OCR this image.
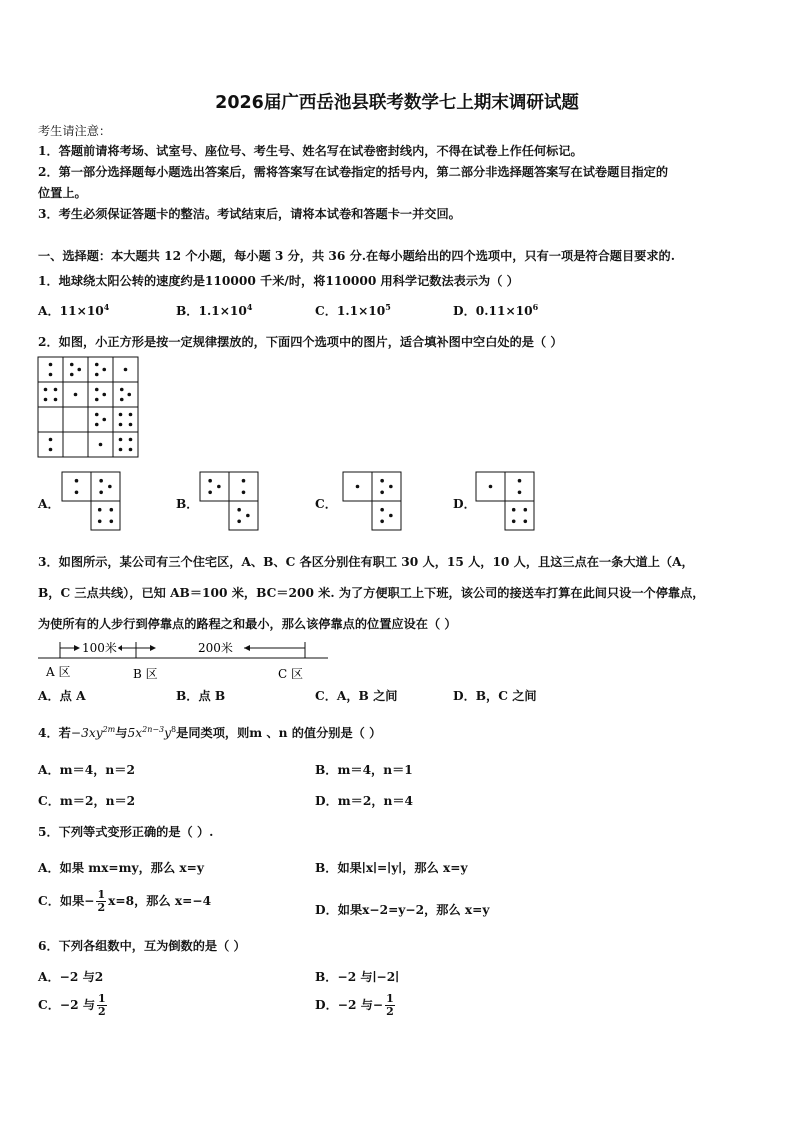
2026届广西岳池县联考数学七上期末调研试题
考生请注意：
1．答题前请将考场、试室号、座位号、考生号、姓名写在试卷密封线内，不得在试卷上作任何标记。
2．第一部分选择题每小题选出答案后，需将答案写在试卷指定的括号内，第二部分非选择题答案写在试卷题目指定的
位置上。
3．考生必须保证答题卡的整洁。考试结束后，请将本试卷和答题卡一并交回。
一、选择题：本大题共 12 个小题，每小题 3 分，共 36 分.在每小题给出的四个选项中，只有一项是符合题目要求的.
1．地球绕太阳公转的速度约是110000 千米/时，将110000 用科学记数法表示为（ ）
A．$11\times 10^4$	B．$1.1\times 10^4$	C．$1.1\times 10^5$	D．$0.11\times 10^6$
2．如图，小正方形是按一定规律摆放的，下面四个选项中的图片，适合填补图中空白处的是（ ）
A．	B．	C．	D．
3．如图所示，某公司有三个住宅区，A、B、C 各区分别住有职工 30 人，15 人，10 人，且这三点在一条大道上（A，
B，C 三点共线），已知 AB＝100 米，BC＝200 米. 为了方便职工上下班，该公司的接送车打算在此间只设一个停靠点，
为使所有的人步行到停靠点的路程之和最小，那么该停靠点的位置应设在（ ）
100米	200米
A 区	B 区	C 区
A．点 A	B．点 B	C．A，B 之间	D．B，C 之间
4．若$-3xy^{2m}$与$5x^{2n-3}y^8$是同类项，则m 、n 的值分别是（ ）
A．m＝4，n＝2	B．m＝4，n＝1
C．m＝2，n＝2	D．m＝2，n＝4
5．下列等式变形正确的是（ ）.
A．如果 mx=my，那么 x=y	B．如果∣x∣=∣y∣，那么 x=y
C．如果− $\frac{1}{2} x=8$，那么 x=−4
D．如果x−2=y−2，那么 x=y
6．下列各组数中，互为倒数的是（ ）
A．−2 与2	B．−2 与∣−2∣
C．−2 与 $\frac{1}{2}$	D．−2 与− $\frac{1}{2}$
